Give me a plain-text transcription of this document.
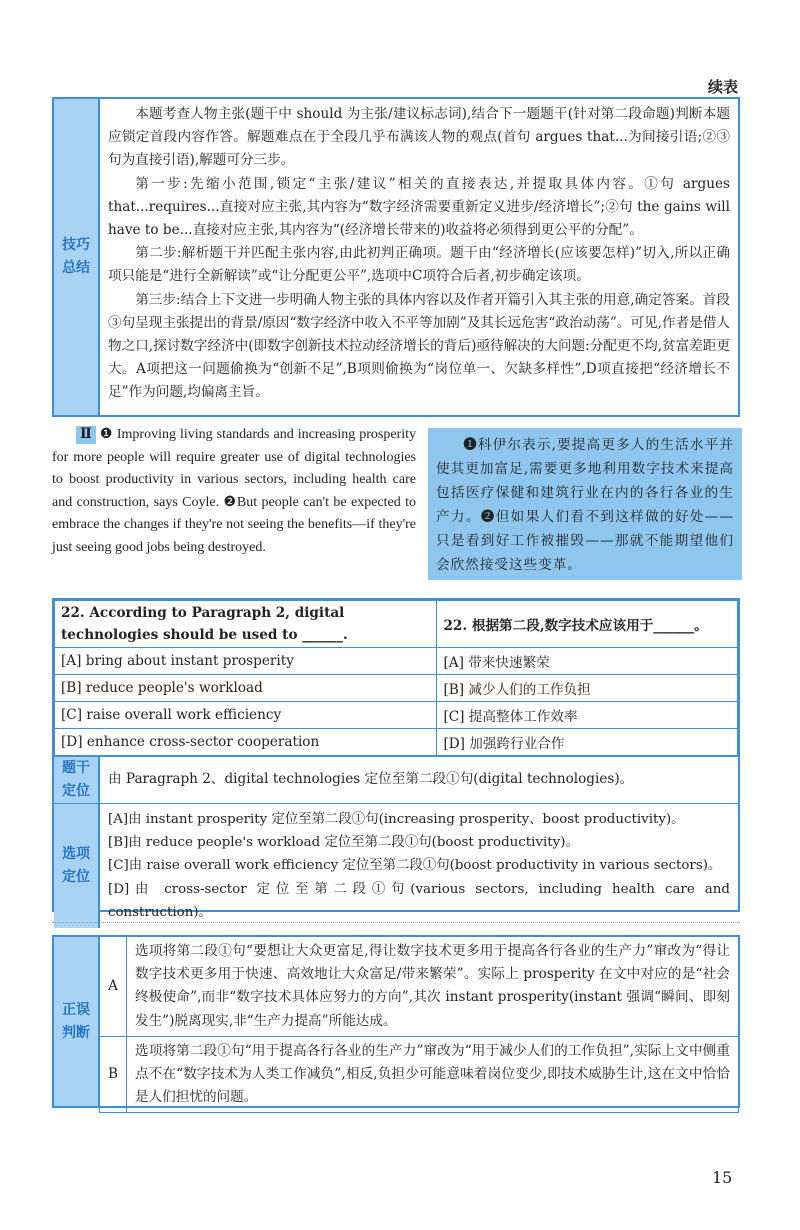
续表
技巧总结

本题考查人物主张(题干中 should 为主张/建议标志词),结合下一题题干(针对第二段命题)判断本题应锁定首段内容作答。解题难点在于全段几乎布满该人物的观点(首句 argues that...为间接引语;②③句为直接引语),解题可分三步。

第一步:先缩小范围,锁定“主张/建议”相关的直接表达,并提取具体内容。①句 argues that...requires...直接对应主张,其内容为“数字经济需要重新定义进步/经济增长”;②句 the gains will have to be...直接对应主张,其内容为“(经济增长带来的)收益将必须得到更公平的分配”。

第二步:解析题干并匹配主张内容,由此初判正确项。题干由“经济增长(应该要怎样)”切入,所以正确项只能是“进行全新解读”或“让分配更公平”,选项中C项符合后者,初步确定该项。

第三步:结合上下文进一步明确人物主张的具体内容以及作者开篇引入其主张的用意,确定答案。首段③句呈现主张提出的背景/原因“数字经济中收入不平等加剧”及其长远危害“政治动荡”。可见,作者是借人物之口,探讨数字经济中(即数字创新技术拉动经济增长的背后)亟待解决的大问题:分配更不均,贫富差距更大。A项把这一问题偷换为“创新不足”,B项则偷换为“岗位单一、欠缺多样性”,D项直接把“经济增长不足”作为问题,均偏离主旨。

Ⅱ ❶ Improving living standards and increasing prosperity for more people will require greater use of digital technologies to boost productivity in various sectors, including health care and construction, says Coyle. ❷But people can't be expected to embrace the changes if they're not seeing the benefits—if they're just seeing good jobs being destroyed.
❶科伊尔表示,要提高更多人的生活水平并使其更加富足,需要更多地利用数字技术来提高包括医疗保健和建筑行业在内的各行各业的生产力。❷但如果人们看不到这样做的好处——只是看到好工作被摧毁——那就不能期望他们会欣然接受这些变革。
22. According to Paragraph 2, digital technologies should be used to ______.	22. 根据第二段,数字技术应该用于______。
[A] bring about instant prosperity	[A] 带来快速繁荣
[B] reduce people's workload	[B] 减少人们的工作负担
[C] raise overall work efficiency	[C] 提高整体工作效率
[D] enhance cross-sector cooperation	[D] 加强跨行业合作
题干定位
由 Paragraph 2、digital technologies 定位至第二段①句(digital technologies)。
选项定位
[A]由 instant prosperity 定位至第二段①句(increasing prosperity、boost productivity)。
[B]由 reduce people's workload 定位至第二段①句(boost productivity)。
[C]由 raise overall work efficiency 定位至第二段①句(boost productivity in various sectors)。
[D]由 cross-sector 定位至第二段①句(various sectors, including health care and construction)。
正误判断
A	选项将第二段①句“要想让大众更富足,得让数字技术更多用于提高各行各业的生产力”窜改为“得让数字技术更多用于快速、高效地让大众富足/带来繁荣”。实际上 prosperity 在文中对应的是“社会终极使命”,而非“数字技术具体应努力的方向”,其次 instant prosperity(instant 强调“瞬间、即刻发生”)脱离现实,非“生产力提高”所能达成。
B	选项将第二段①句“用于提高各行各业的生产力”窜改为“用于减少人们的工作负担”,实际上文中侧重点不在“数字技术为人类工作减负”,相反,负担少可能意味着岗位变少,即技术威胁生计,这在文中恰恰是人们担忧的问题。
15
